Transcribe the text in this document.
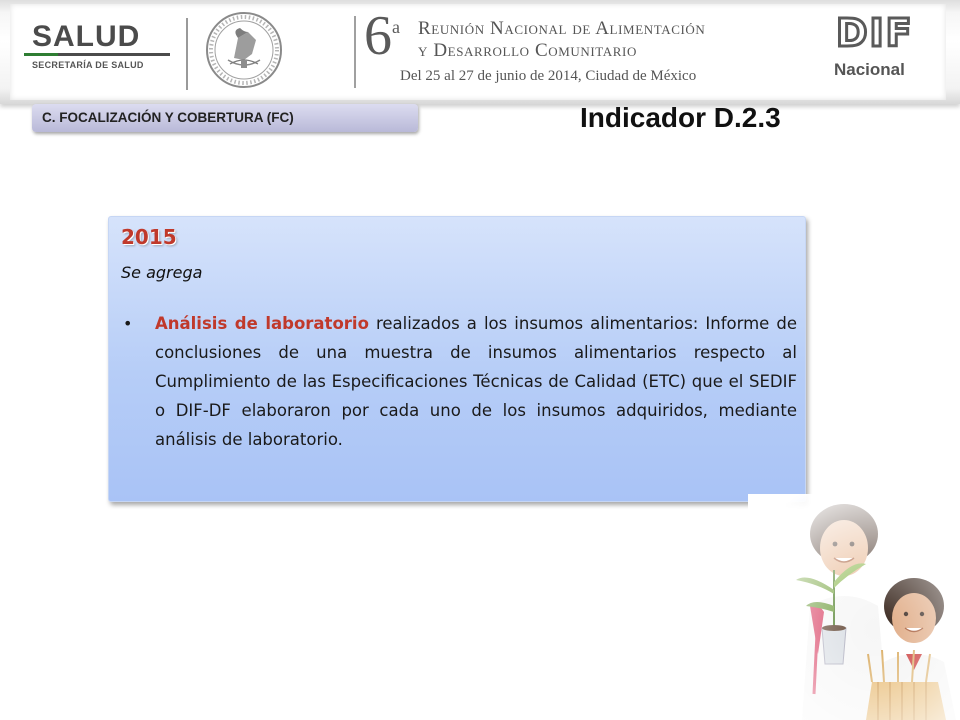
SALUD
SECRETARÍA DE SALUD	6$^a$ Reunión Nacional de Alimentación
y Desarrollo Comunitario
Del 25 al 27 de junio de 2014, Ciudad de México
DIF
Nacional
C. FOCALIZACIÓN Y COBERTURA (FC)	Indicador D.2.3
2015
Se agrega
• Análisis de laboratorio realizados a los insumos alimentarios: Informe de conclusiones de una muestra de insumos alimentarios respecto al Cumplimiento de las Especificaciones Técnicas de Calidad (ETC) que el SEDIF o DIF-DF elaboraron por cada uno de los insumos adquiridos, mediante análisis de laboratorio.
